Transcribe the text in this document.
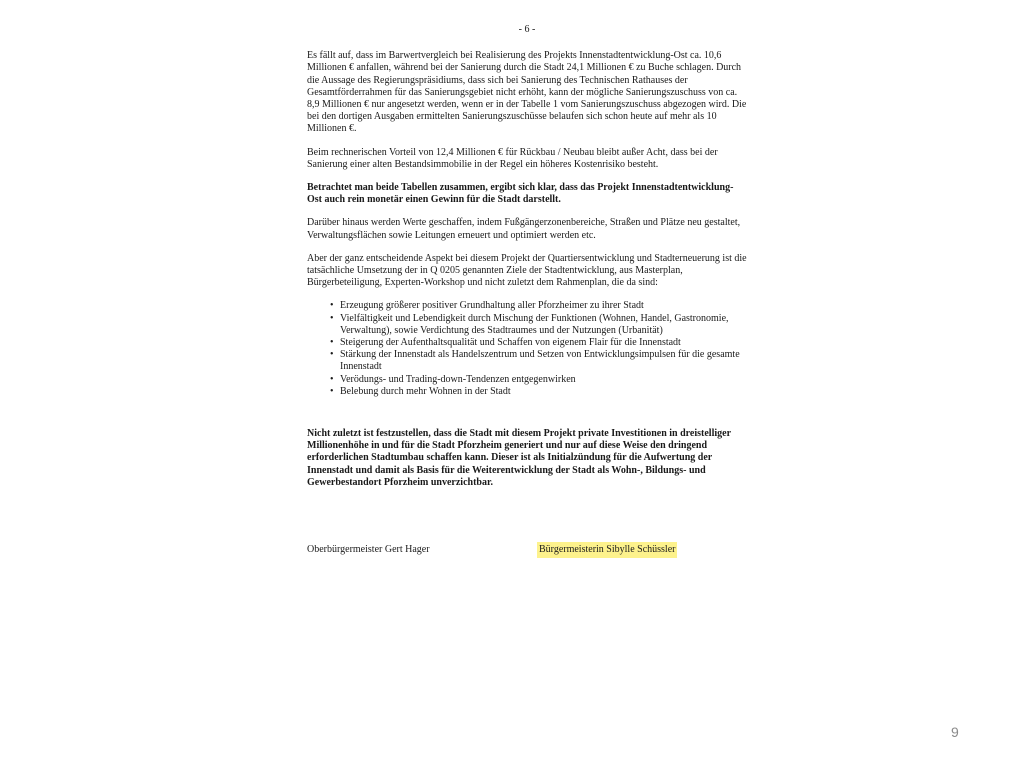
- 6 -

Es fällt auf, dass im Barwertvergleich bei Realisierung des Projekts Innenstadtentwicklung-Ost ca. 10,6 Millionen € anfallen, während bei der Sanierung durch die Stadt 24,1 Millionen € zu Buche schlagen. Durch die Aussage des Regierungspräsidiums, dass sich bei Sanierung des Technischen Rathauses der Gesamtförderrahmen für das Sanierungsgebiet nicht erhöht, kann der mögliche Sanierungszuschuss von ca. 8,9 Millionen € nur angesetzt werden, wenn er in der Tabelle 1 vom Sanierungszuschuss abgezogen wird. Die bei den dortigen Ausgaben ermittelten Sanierungszuschüsse belaufen sich schon heute auf mehr als 10 Millionen €.

Beim rechnerischen Vorteil von 12,4 Millionen € für Rückbau / Neubau bleibt außer Acht, dass bei der Sanierung einer alten Bestandsimmobilie in der Regel ein höheres Kostenrisiko besteht.

Betrachtet man beide Tabellen zusammen, ergibt sich klar, dass das Projekt Innenstadtentwicklung-Ost auch rein monetär einen Gewinn für die Stadt darstellt.

Darüber hinaus werden Werte geschaffen, indem Fußgängerzonenbereiche, Straßen und Plätze neu gestaltet, Verwaltungsflächen sowie Leitungen erneuert und optimiert werden etc.

Aber der ganz entscheidende Aspekt bei diesem Projekt der Quartiersentwicklung und Stadterneuerung ist die tatsächliche Umsetzung der in Q 0205 genannten Ziele der Stadtentwicklung, aus Masterplan, Bürgerbeteiligung, Experten-Workshop und nicht zuletzt dem Rahmenplan, die da sind:

• Erzeugung größerer positiver Grundhaltung aller Pforzheimer zu ihrer Stadt
• Vielfältigkeit und Lebendigkeit durch Mischung der Funktionen (Wohnen, Handel, Gastronomie, Verwaltung), sowie Verdichtung des Stadtraumes und der Nutzungen (Urbanität)
• Steigerung der Aufenthaltsqualität und Schaffen von eigenem Flair für die Innenstadt
• Stärkung der Innenstadt als Handelszentrum und Setzen von Entwicklungsimpulsen für die gesamte Innenstadt
• Verödungs- und Trading-down-Tendenzen entgegenwirken
• Belebung durch mehr Wohnen in der Stadt

Nicht zuletzt ist festzustellen, dass die Stadt mit diesem Projekt private Investitionen in dreistelliger Millionenhöhe in und für die Stadt Pforzheim generiert und nur auf diese Weise den dringend erforderlichen Stadtumbau schaffen kann. Dieser ist als Initialzündung für die Aufwertung der Innenstadt und damit als Basis für die Weiterentwicklung der Stadt als Wohn-, Bildungs- und Gewerbestandort Pforzheim unverzichtbar.

Oberbürgermeister Gert Hager	Bürgermeisterin Sibylle Schüssler
9
